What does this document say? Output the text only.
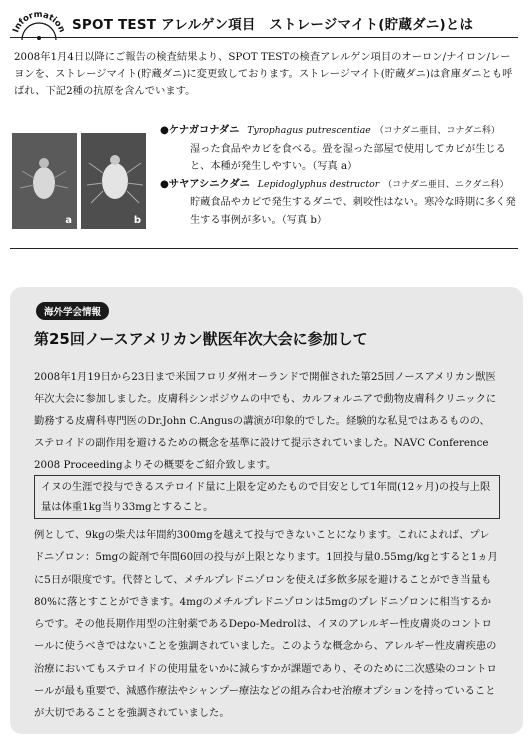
Information SPOT TEST アレルゲン項目　ストレージマイト(貯蔵ダニ)とは
2008年1月4日以降にご報告の検査結果より、SPOT TESTの検査アレルゲン項目のオーロン/ナイロン/レーヨンを、ストレージマイト(貯蔵ダニ)に変更致しております。ストレージマイト(貯蔵ダニ)は倉庫ダニとも呼ばれ、下記2種の抗原を含んでいます。
a	b
●ケナガコナダニ Tyrophagus putrescentiae （コナダニ亜目、コナダニ科）
湿った食品やカビを食べる。畳を湿った部屋で使用してカビが生じると、本種が発生しやすい。（写真 a）
●サヤアシニクダニ Lepidoglyphus destructor （コナダニ亜目、ニクダニ科）
貯蔵食品やカビで発生するダニで、刺咬性はない。寒冷な時期に多く発生する事例が多い。（写真 b）
海外学会情報
第25回ノースアメリカン獣医年次大会に参加して
2008年1月19日から23日まで米国フロリダ州オーランドで開催された第25回ノースアメリカン獣医年次大会に参加しました。皮膚科シンポジウムの中でも、カルフォルニアで動物皮膚科クリニックに勤務する皮膚科専門医のDr.John C.Angusの講演が印象的でした。経験的な私見ではあるものの、ステロイドの副作用を避けるための概念を基準に設けて提示されていました。NAVC Conference 2008 Proceedingよりその概要をご紹介致します。
イヌの生涯で投与できるステロイド量に上限を定めたもので目安として1年間(12ヶ月)の投与上限量は体重1kg当り33mgとすること。
例として、9kgの柴犬は年間約300mgを越えて投与できないことになります。これによれば、プレドニゾロン：5mgの錠剤で年間60回の投与が上限となります。1回投与量0.55mg/kgとすると1ヵ月に5日が限度です。代替として、メチルプレドニゾロンを使えば多飲多尿を避けることができ当量も80%に落とすことができます。4mgのメチルプレドニゾロンは5mgのプレドニゾロンに相当するからです。その他長期作用型の注射薬であるDepo-Medrolは、イヌのアレルギー性皮膚炎のコントロールに使うべきではないことを強調されていました。このような概念から、アレルギー性皮膚疾患の治療においてもステロイドの使用量をいかに減らすかが課題であり、そのために二次感染のコントロールが最も重要で、減感作療法やシャンプー療法などの組み合わせ治療オプションを持っていることが大切であることを強調されていました。
